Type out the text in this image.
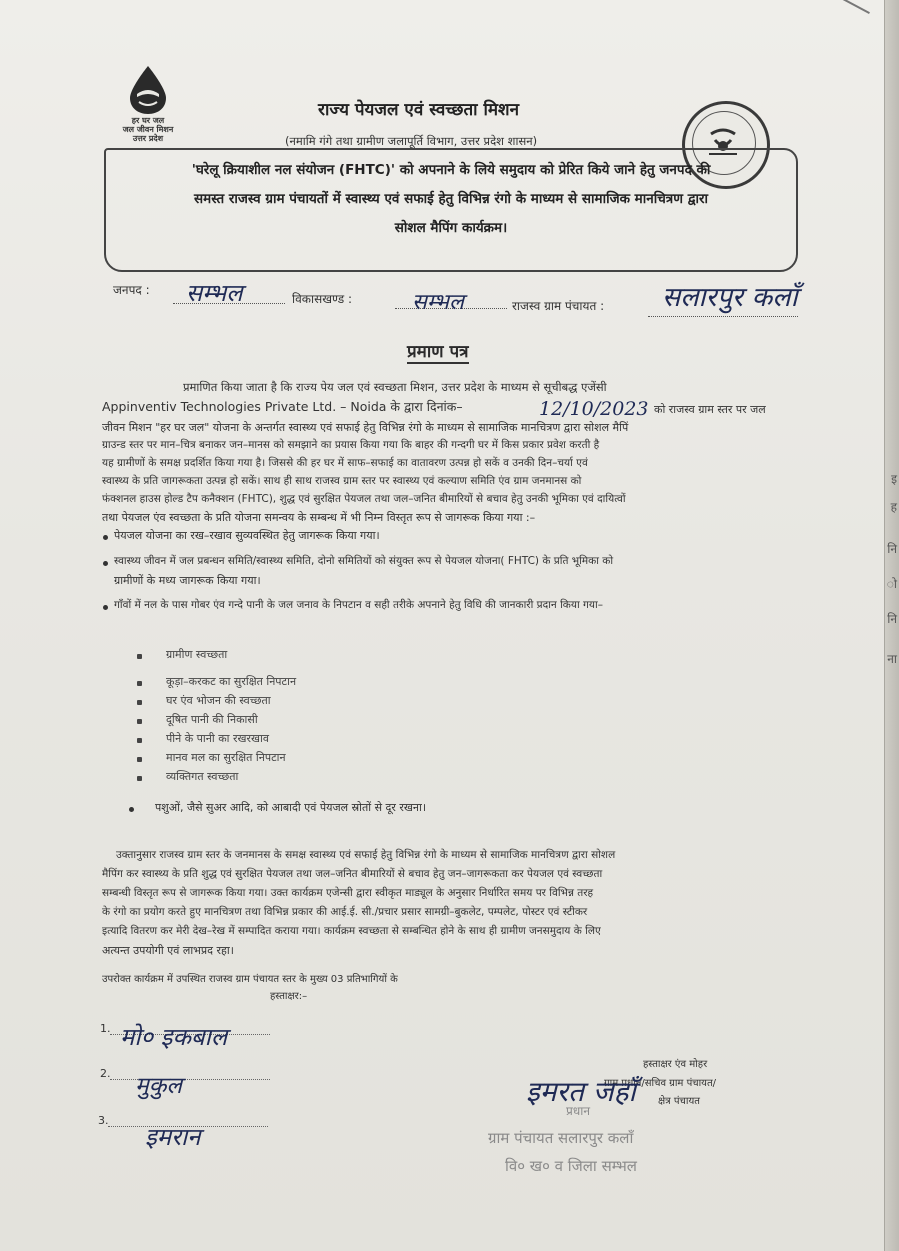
इ
ह
नि
ो
नि
ना
हर घर जल
जल जीवन मिशन
उत्तर प्रदेश
राज्य पेयजल एवं स्वच्छता मिशन
(नमामि गंगे तथा ग्रामीण जलापूर्ति विभाग, उत्तर प्रदेश शासन)

'घरेलू क्रियाशील नल संयोजन (FHTC)' को अपनाने के लिये समुदाय को प्रेरित किये जाने हेतु जनपद की

समस्त राजस्व ग्राम पंचायतों में स्वास्थ्य एवं सफाई हेतु विभिन्न रंगो के माध्यम से सामाजिक मानचित्रण द्वारा

सोशल मैपिंग कार्यक्रम।

जनपद : सम्भल	विकासखण्ड :	सम्भल	राजस्व ग्राम पंचायत : सलारपुर कलाँ
प्रमाण पत्र
प्रमाणित किया जाता है कि राज्य पेय जल एवं स्वच्छता मिशन, उत्तर प्रदेश के माध्यम से सूचीबद्ध एजेंसी
Appinventiv Technologies Private Ltd. – Noida के द्वारा दिनांक–	12/10/2023 को राजस्व ग्राम स्तर पर जल
जीवन मिशन "हर घर जल" योजना के अन्तर्गत स्वास्थ्य एवं सफाई हेतु विभिन्न रंगो के माध्यम से सामाजिक मानचित्रण द्वारा सोशल मैपिं
ग्राउन्ड स्तर पर मान–चित्र बनाकर जन–मानस को समझाने का प्रयास किया गया कि बाहर की गन्दगी घर में किस प्रकार प्रवेश करती है
यह ग्रामीणों के समक्ष प्रदर्शित किया गया है। जिससे की हर घर में साफ–सफाई का वातावरण उत्पन्न हो सकें व उनकी दिन–चर्या एवं
स्वास्थ्य के प्रति जागरूकता उत्पन्न हो सकें। साथ ही साथ राजस्व ग्राम स्तर पर स्वास्थ्य एवं कल्याण समिति एंव ग्राम जनमानस को
फंक्शनल हाउस होल्ड टैप कनैक्शन (FHTC), शुद्ध एवं सुरक्षित पेयजल तथा जल–जनित बीमारियों से बचाव हेतु उनकी भूमिका एवं दायित्वों
तथा पेयजल एंव स्वच्छता के प्रति योजना समन्वय के सम्बन्ध में भी निम्न विस्तृत रूप से जागरूक किया गया :–
पेयजल योजना का रख–रखाव सुव्यवस्थित हेतु जागरूक किया गया।
स्वास्थ्य जीवन में जल प्रबन्धन समिति/स्वास्थ्य समिति, दोनो समितियों को संयुक्त रूप से पेयजल योजना( FHTC) के प्रति भूमिका को
ग्रामीणों के मध्य जागरूक किया गया।
गाँवों में नल के पास गोबर एंव गन्दे पानी के जल जनाव के निपटान व सही तरीके अपनाने हेतु विधि की जानकारी प्रदान किया गया–
ग्रामीण स्वच्छता
कूड़ा–करकट का सुरक्षित निपटान
घर एंव भोजन की स्वच्छता
दूषित पानी की निकासी
पीने के पानी का रखरखाव
मानव मल का सुरक्षित निपटान
व्यक्तिगत स्वच्छता
पशुओं, जैसे सुअर आदि, को आबादी एवं पेयजल स्रोतों से दूर रखना।
उक्तानुसार राजस्व ग्राम स्तर के जनमानस के समक्ष स्वास्थ्य एवं सफाई हेतु विभिन्न रंगो के माध्यम से सामाजिक मानचित्रण द्वारा सोशल
मैपिंग कर स्वास्थ्य के प्रति शुद्ध एवं सुरक्षित पेयजल तथा जल–जनित बीमारियों से बचाव हेतु जन–जागरूकता कर पेयजल एवं स्वच्छता
सम्बन्धी विस्तृत रूप से जागरूक किया गया। उक्त कार्यक्रम एजेन्सी द्वारा स्वीकृत माड्यूल के अनुसार निर्धारित समय पर विभिन्न तरह
के रंगो का प्रयोग करते हुए मानचित्रण तथा विभिन्न प्रकार की आई.ई. सी./प्रचार प्रसार सामग्री–बुकलेट, पम्पलेट, पोस्टर एवं स्टीकर
इत्यादि वितरण कर मेरी देख–रेख में सम्पादित कराया गया। कार्यक्रम स्वच्छता से सम्बन्धित होने के साथ ही ग्रामीण जनसमुदाय के लिए
अत्यन्त उपयोगी एवं लाभप्रद रहा।
उपरोक्त कार्यक्रम में उपस्थित राजस्व ग्राम पंचायत स्तर के मुख्य 03 प्रतिभागियों के
हस्ताक्षर:–
1. मो० इकबाल
2. मुकुल
3.
इमरान
हस्ताक्षर एंव मोहर
ग्राम प्रधान/सचिव ग्राम पंचायत/
क्षेत्र पंचायत
इमरत जहाँ
प्रधान
ग्राम पंचायत सलारपुर कलाँ
वि० ख० व जिला सम्भल
